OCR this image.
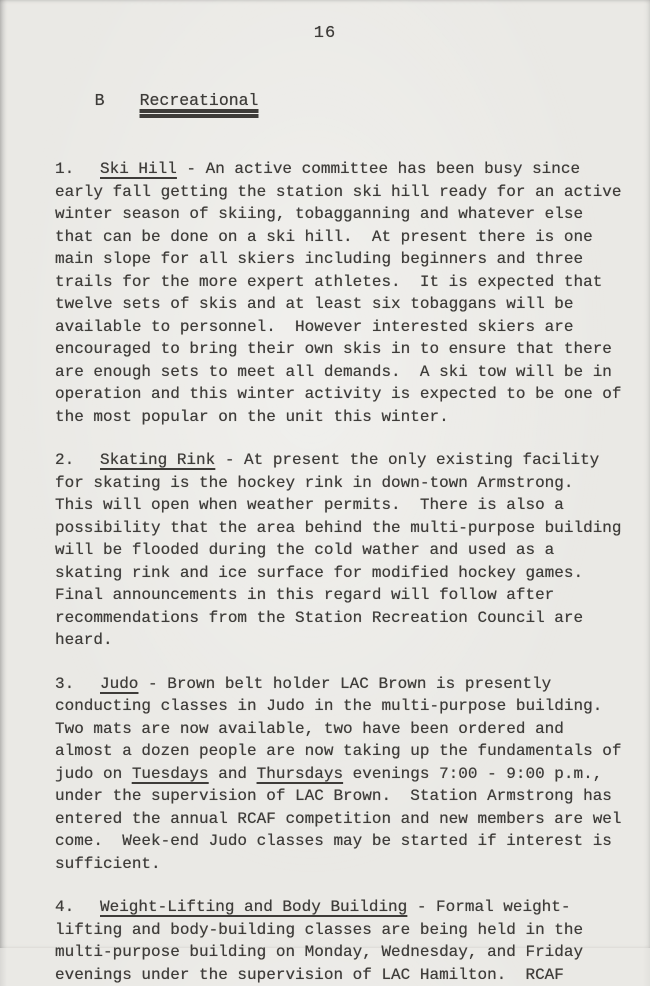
16

B Recreational

1. Ski Hill - An active committee has been busy since early fall getting the station ski hill ready for an active winter season of skiing, tobagganning and whatever else that can be done on a ski hill.  At present there is one main slope for all skiers including beginners and three trails for the more expert athletes.  It is expected that twelve sets of skis and at least six tobaggans will be available to personnel.  However interested skiers are encouraged to bring their own skis in to ensure that there are enough sets to meet all demands.  A ski tow will be in operation and this winter activity is expected to be one of the most popular on the unit this winter.

2. Skating Rink - At present the only existing facility for skating is the hockey rink in down-town Armstrong.  This will open when weather permits.  There is also a possibility that the area behind the multi-purpose building will be flooded during the cold wather and used as a skating rink and ice surface for modified hockey games.  Final announcements in this regard will follow after recommendations from the Station Recreation Council are heard.

3. Judo - Brown belt holder LAC Brown is presently conducting classes in Judo in the multi-purpose building.  Two mats are now available, two have been ordered and almost a dozen people are now taking up the fundamentals of judo on Tuesdays and Thursdays evenings 7:00 - 9:00 p.m., under the supervision of LAC Brown.  Station Armstrong has entered the annual RCAF competition and new members are wel come.  Week-end Judo classes may be started if interest is sufficient.

4. Weight-Lifting and Body Building - Formal weight-lifting and body-building classes are being held in the multi-purpose building on Monday, Wednesday, and Friday evenings under the supervision of LAC Hamilton.  RCAF
